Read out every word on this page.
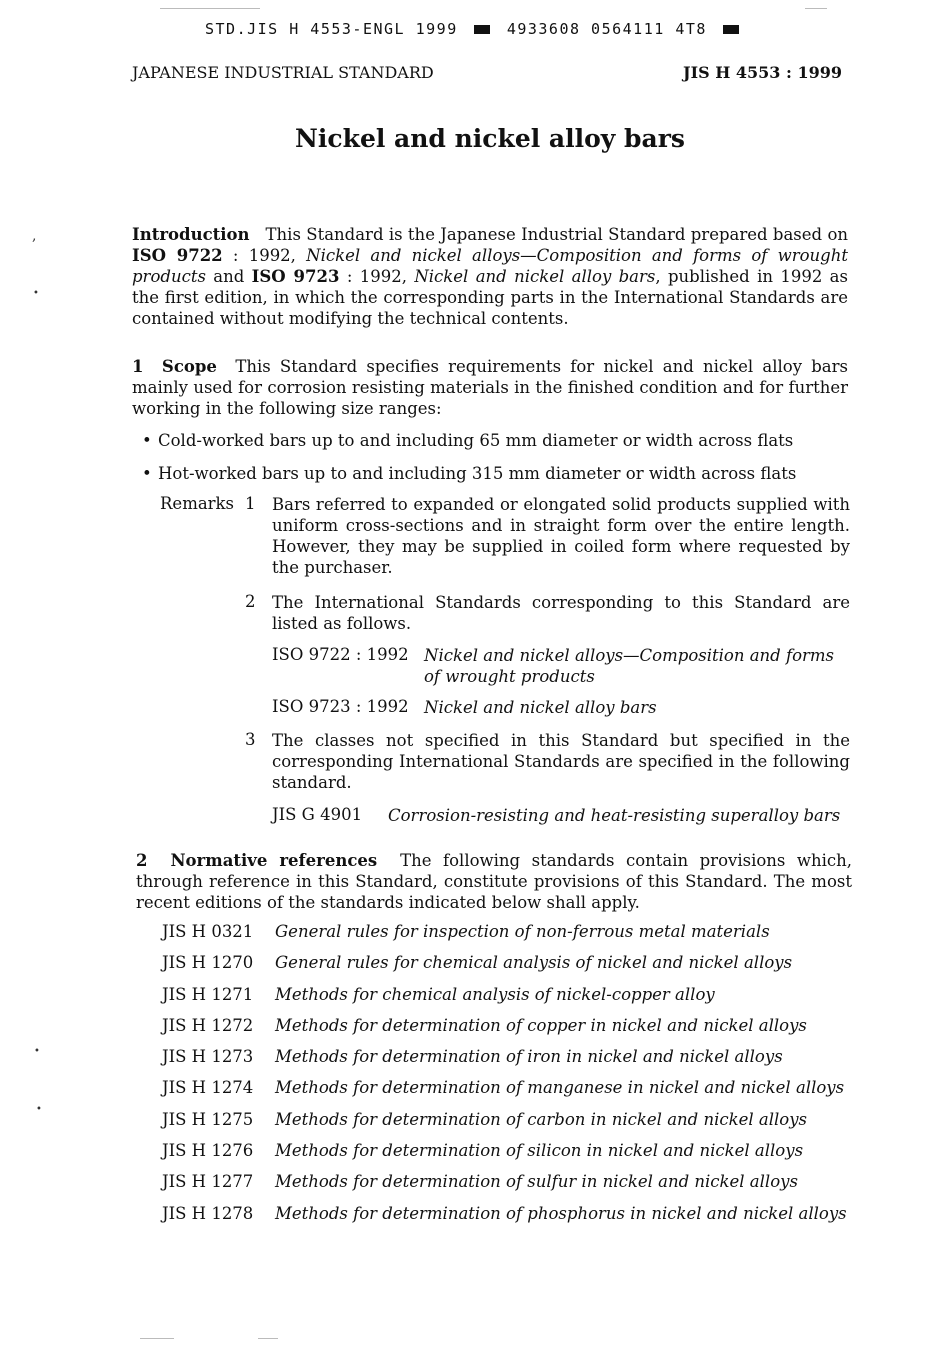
STD.JIS H 4553-ENGL 1999	4933608 0564111 4T8
JAPANESE INDUSTRIAL STANDARD	JIS H 4553 : 1999
Nickel and nickel alloy bars
,
•
•
•
Introduction This Standard is the Japanese Industrial Standard prepared based on ISO 9722 : 1992, Nickel and nickel alloys—Composition and forms of wrought products and ISO 9723 : 1992, Nickel and nickel alloy bars, published in 1992 as the first edition, in which the corresponding parts in the International Standards are contained without modifying the technical contents.
1 Scope This Standard specifies requirements for nickel and nickel alloy bars mainly used for corrosion resisting materials in the finished condition and for further working in the following size ranges:
• Cold-worked bars up to and including 65 mm diameter or width across flats
• Hot-worked bars up to and including 315 mm diameter or width across flats
Remarks 1 Bars referred to expanded or elongated solid products supplied with uniform cross-sections and in straight form over the entire length. However, they may be supplied in coiled form where requested by the purchaser.
2 The International Standards corresponding to this Standard are listed as follows.
ISO 9722 : 1992 Nickel and nickel alloys—Composition and forms of wrought products
ISO 9723 : 1992 Nickel and nickel alloy bars
3 The classes not specified in this Standard but specified in the corresponding International Standards are specified in the following standard.
JIS G 4901 Corrosion-resisting and heat-resisting superalloy bars
2 Normative references The following standards contain provisions which, through reference in this Standard, constitute provisions of this Standard. The most recent editions of the standards indicated below shall apply.
JIS H 0321	General rules for inspection of non-ferrous metal materials
JIS H 1270	General rules for chemical analysis of nickel and nickel alloys
JIS H 1271	Methods for chemical analysis of nickel-copper alloy
JIS H 1272	Methods for determination of copper in nickel and nickel alloys
JIS H 1273	Methods for determination of iron in nickel and nickel alloys
JIS H 1274	Methods for determination of manganese in nickel and nickel alloys
JIS H 1275	Methods for determination of carbon in nickel and nickel alloys
JIS H 1276	Methods for determination of silicon in nickel and nickel alloys
JIS H 1277	Methods for determination of sulfur in nickel and nickel alloys
JIS H 1278	Methods for determination of phosphorus in nickel and nickel alloys
